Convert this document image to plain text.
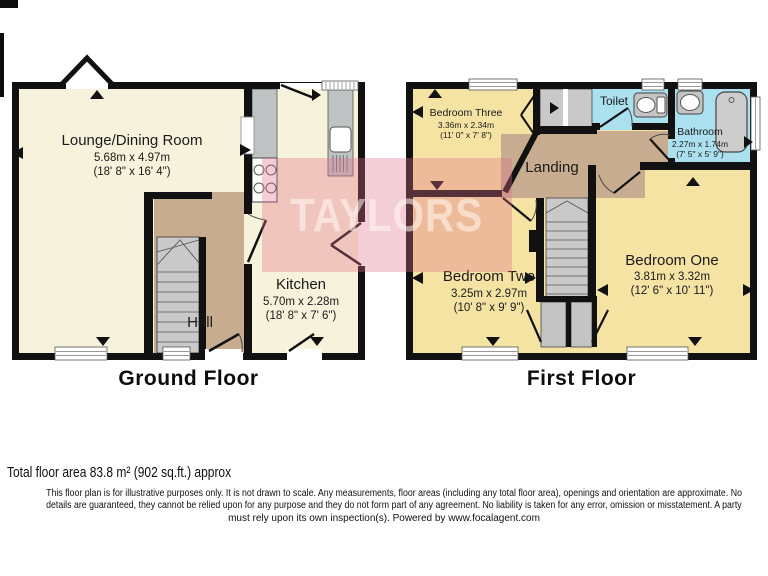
Lounge/Dining Room
5.68m x 4.97m
(18' 8" x 16' 4")
Kitchen
5.70m x 2.28m
(18' 8" x 7' 6")
Hall
Bedroom Three
3.36m x 2.34m
(11' 0" x 7' 8")
Toilet
Bathroom
2.27m x 1.74m
(7' 5" x 5' 9")
Landing
Bedroom Two
3.25m x 2.97m
(10' 8" x 9' 9")
Bedroom One
3.81m x 3.32m
(12' 6" x 10' 11")
TAYLORS
Ground Floor	First Floor
Total floor area 83.8 m² (902 sq.ft.) approx
This floor plan is for illustrative purposes only. It is not drawn to scale. Any measurements, floor areas (including any total floor area), openings and orientation are approximate. No
details are guaranteed, they cannot be relied upon for any purpose and they do not form part of any agreement. No liability is taken for any error, omission or misstatement. A party
must rely upon its own inspection(s). Powered by www.focalagent.com
